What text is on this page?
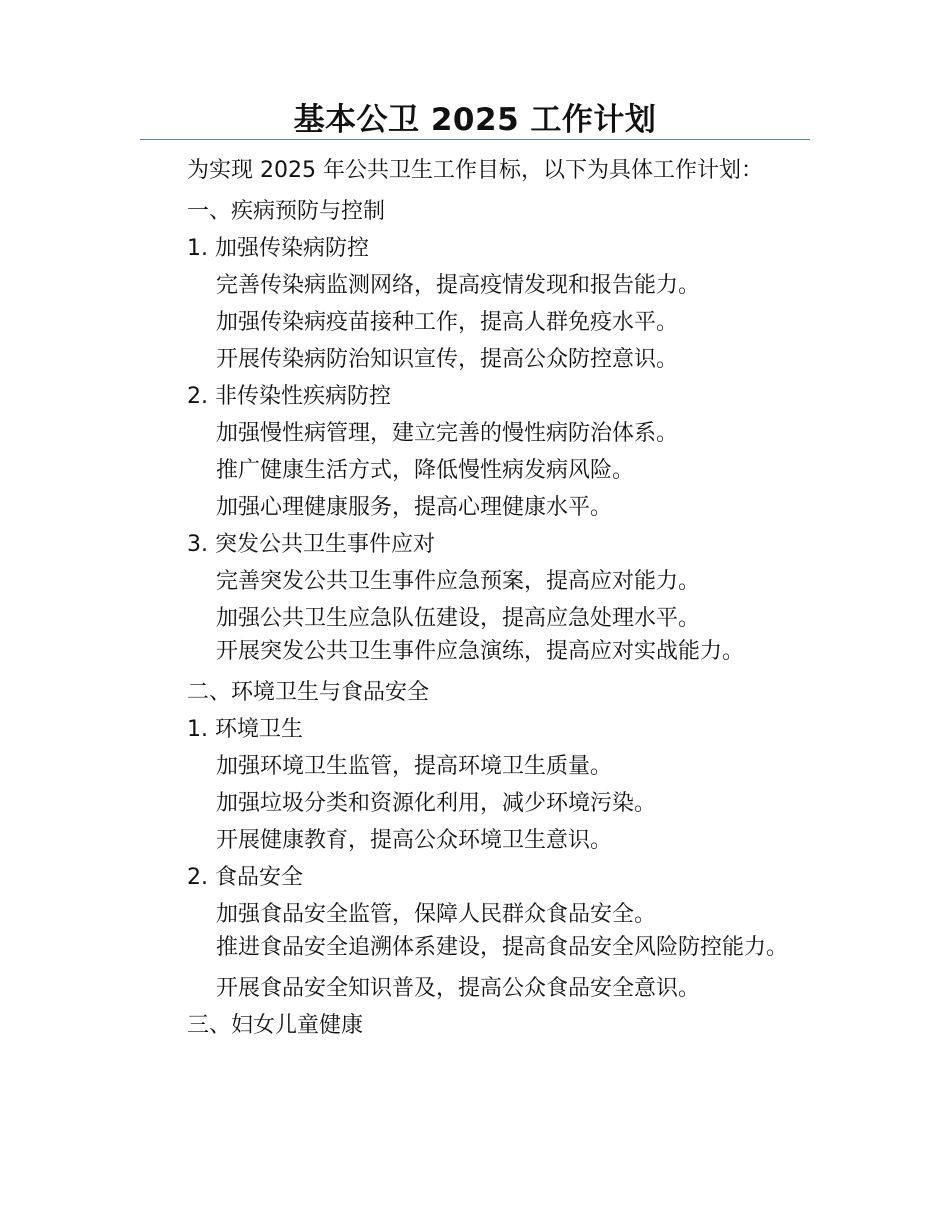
基本公卫 2025 工作计划

为实现 2025 年公共卫生工作目标，以下为具体工作计划：

一、疾病预防与控制

1. 加强传染病防控

完善传染病监测网络，提高疫情发现和报告能力。

加强传染病疫苗接种工作，提高人群免疫水平。

开展传染病防治知识宣传，提高公众防控意识。

2. 非传染性疾病防控

加强慢性病管理，建立完善的慢性病防治体系。

推广健康生活方式，降低慢性病发病风险。

加强心理健康服务，提高心理健康水平。

3. 突发公共卫生事件应对

完善突发公共卫生事件应急预案，提高应对能力。

加强公共卫生应急队伍建设，提高应急处理水平。

开展突发公共卫生事件应急演练，提高应对实战能力。

二、环境卫生与食品安全

1. 环境卫生

加强环境卫生监管，提高环境卫生质量。

加强垃圾分类和资源化利用，减少环境污染。

开展健康教育，提高公众环境卫生意识。

2. 食品安全

加强食品安全监管，保障人民群众食品安全。

推进食品安全追溯体系建设，提高食品安全风险防控能力。

开展食品安全知识普及，提高公众食品安全意识。

三、妇女儿童健康
